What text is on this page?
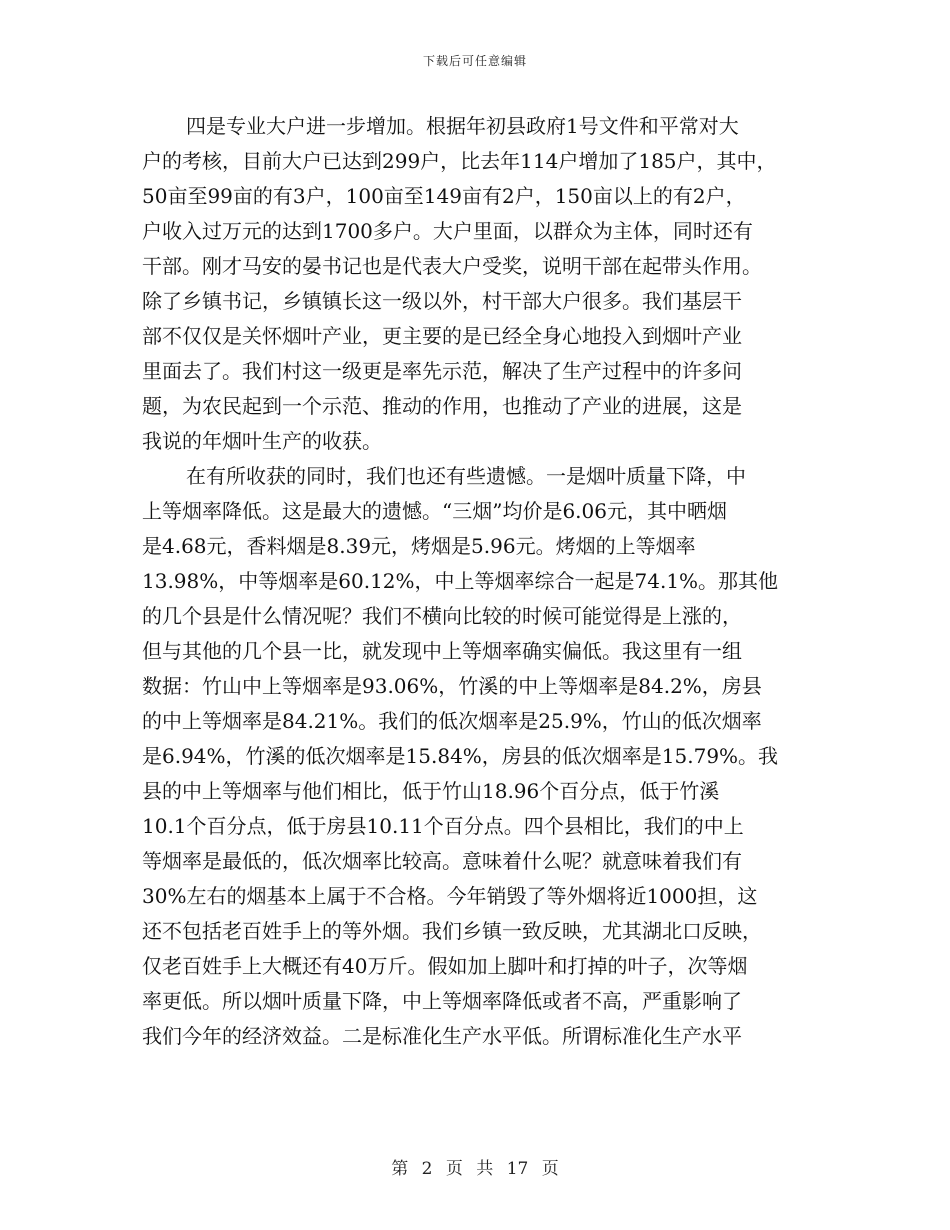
下载后可任意编辑
四是专业大户进一步增加。根据年初县政府1号文件和平常对大
户的考核，目前大户已达到299户，比去年114户增加了185户，其中，
50亩至99亩的有3户，100亩至149亩有2户，150亩以上的有2户，
户收入过万元的达到1700多户。大户里面，以群众为主体，同时还有
干部。刚才马安的晏书记也是代表大户受奖，说明干部在起带头作用。
除了乡镇书记，乡镇镇长这一级以外，村干部大户很多。我们基层干
部不仅仅是关怀烟叶产业，更主要的是已经全身心地投入到烟叶产业
里面去了。我们村这一级更是率先示范，解决了生产过程中的许多问
题，为农民起到一个示范、推动的作用，也推动了产业的进展，这是
我说的年烟叶生产的收获。
在有所收获的同时，我们也还有些遗憾。一是烟叶质量下降，中
上等烟率降低。这是最大的遗憾。“三烟”均价是6.06元，其中晒烟
是4.68元，香料烟是8.39元，烤烟是5.96元。烤烟的上等烟率
13.98%，中等烟率是60.12%，中上等烟率综合一起是74.1%。那其他
的几个县是什么情况呢？我们不横向比较的时候可能觉得是上涨的，
但与其他的几个县一比，就发现中上等烟率确实偏低。我这里有一组
数据：竹山中上等烟率是93.06%，竹溪的中上等烟率是84.2%，房县
的中上等烟率是84.21%。我们的低次烟率是25.9%，竹山的低次烟率
是6.94%，竹溪的低次烟率是15.84%，房县的低次烟率是15.79%。我
县的中上等烟率与他们相比，低于竹山18.96个百分点，低于竹溪
10.1个百分点，低于房县10.11个百分点。四个县相比，我们的中上
等烟率是最低的，低次烟率比较高。意味着什么呢？就意味着我们有
30%左右的烟基本上属于不合格。今年销毁了等外烟将近1000担，这
还不包括老百姓手上的等外烟。我们乡镇一致反映，尤其湖北口反映，
仅老百姓手上大概还有40万斤。假如加上脚叶和打掉的叶子，次等烟
率更低。所以烟叶质量下降，中上等烟率降低或者不高，严重影响了
我们今年的经济效益。二是标准化生产水平低。所谓标准化生产水平
第 2 页 共 17 页
